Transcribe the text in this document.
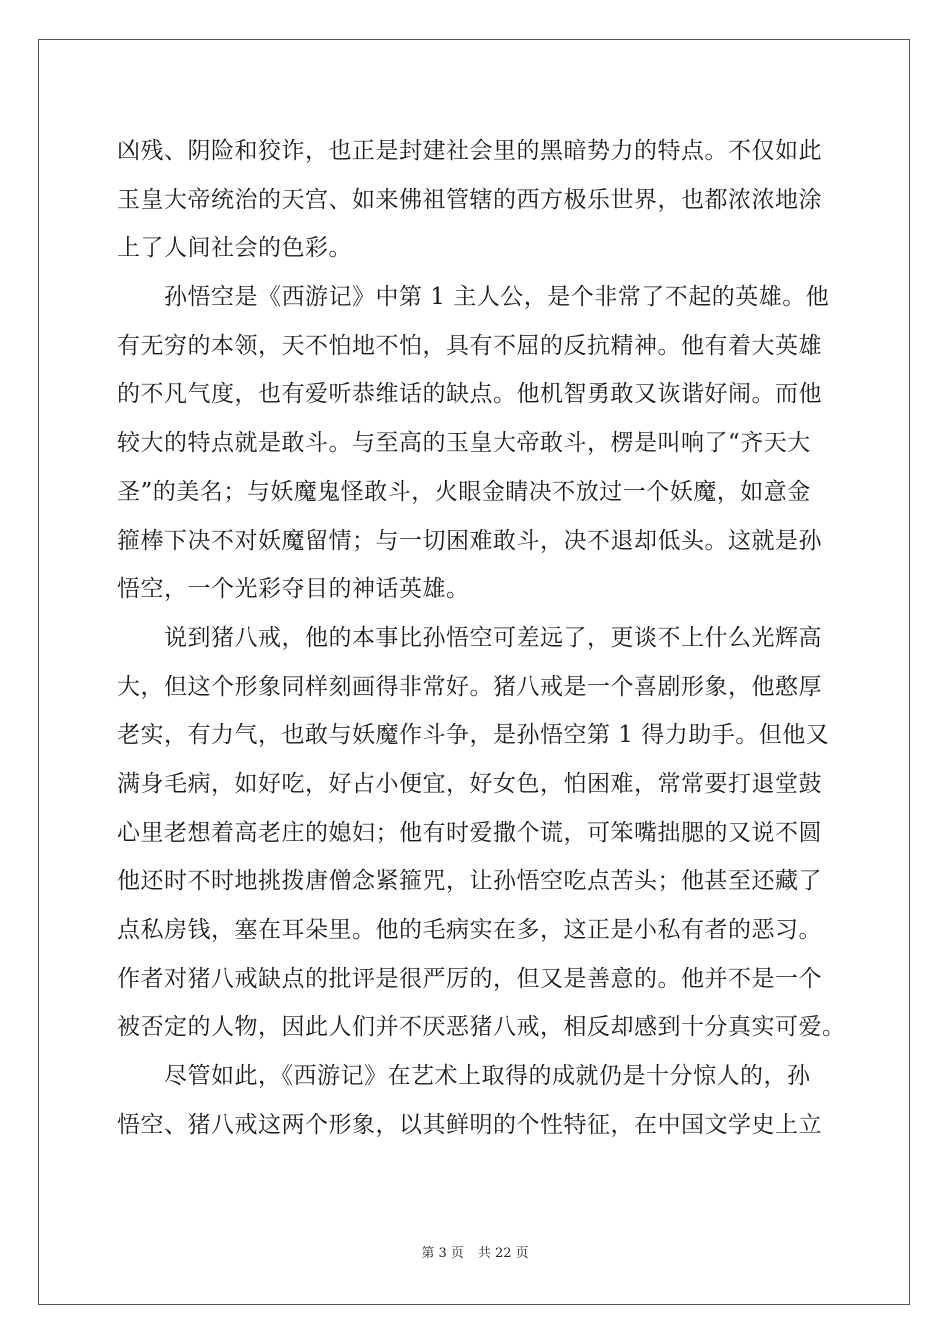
凶残、阴险和狡诈，也正是封建社会里的黑暗势力的特点。不仅如此
玉皇大帝统治的天宫、如来佛祖管辖的西方极乐世界，也都浓浓地涂
上了人间社会的色彩。
　　孙悟空是《西游记》中第 1 主人公，是个非常了不起的英雄。他
有无穷的本领，天不怕地不怕，具有不屈的反抗精神。他有着大英雄
的不凡气度，也有爱听恭维话的缺点。他机智勇敢又诙谐好闹。而他
较大的特点就是敢斗。与至高的玉皇大帝敢斗，楞是叫响了“齐天大
圣”的美名；与妖魔鬼怪敢斗，火眼金睛决不放过一个妖魔，如意金
箍棒下决不对妖魔留情；与一切困难敢斗，决不退却低头。这就是孙
悟空，一个光彩夺目的神话英雄。
　　说到猪八戒，他的本事比孙悟空可差远了，更谈不上什么光辉高
大，但这个形象同样刻画得非常好。猪八戒是一个喜剧形象，他憨厚
老实，有力气，也敢与妖魔作斗争，是孙悟空第 1 得力助手。但他又
满身毛病，如好吃，好占小便宜，好女色，怕困难，常常要打退堂鼓
心里老想着高老庄的媳妇；他有时爱撒个谎，可笨嘴拙腮的又说不圆
他还时不时地挑拨唐僧念紧箍咒，让孙悟空吃点苦头；他甚至还藏了
点私房钱，塞在耳朵里。他的毛病实在多，这正是小私有者的恶习。
作者对猪八戒缺点的批评是很严厉的，但又是善意的。他并不是一个
被否定的人物，因此人们并不厌恶猪八戒，相反却感到十分真实可爱。
　　尽管如此，《西游记》在艺术上取得的成就仍是十分惊人的，孙
悟空、猪八戒这两个形象，以其鲜明的个性特征，在中国文学史上立
第 3 页 共 22 页
